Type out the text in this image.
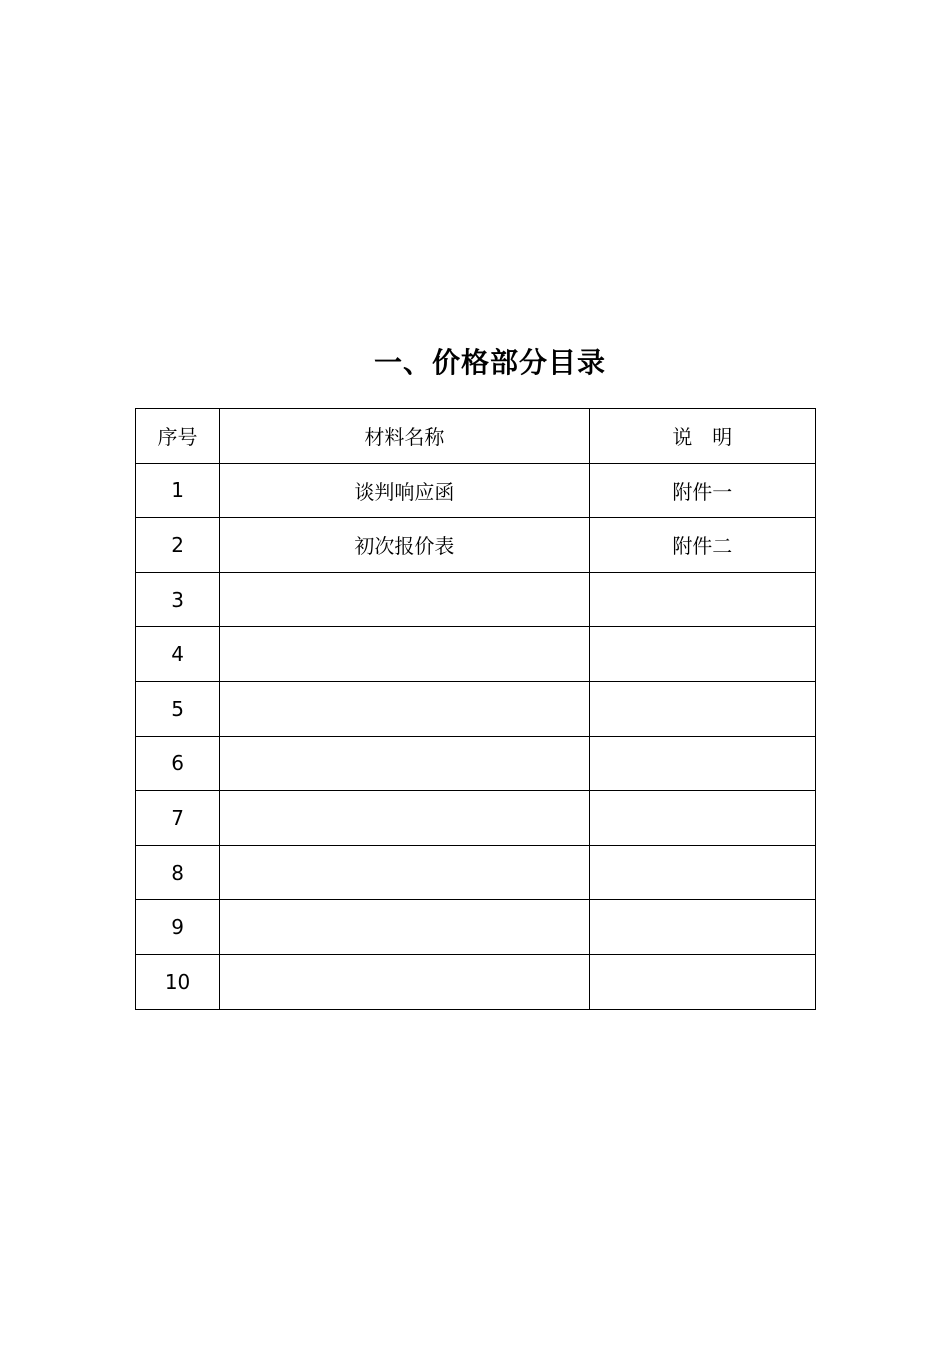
一、价格部分目录
序号	材料名称	说　明
1	谈判响应函	附件一
2	初次报价表	附件二
3		
4		
5		
6		
7		
8		
9		
10		
